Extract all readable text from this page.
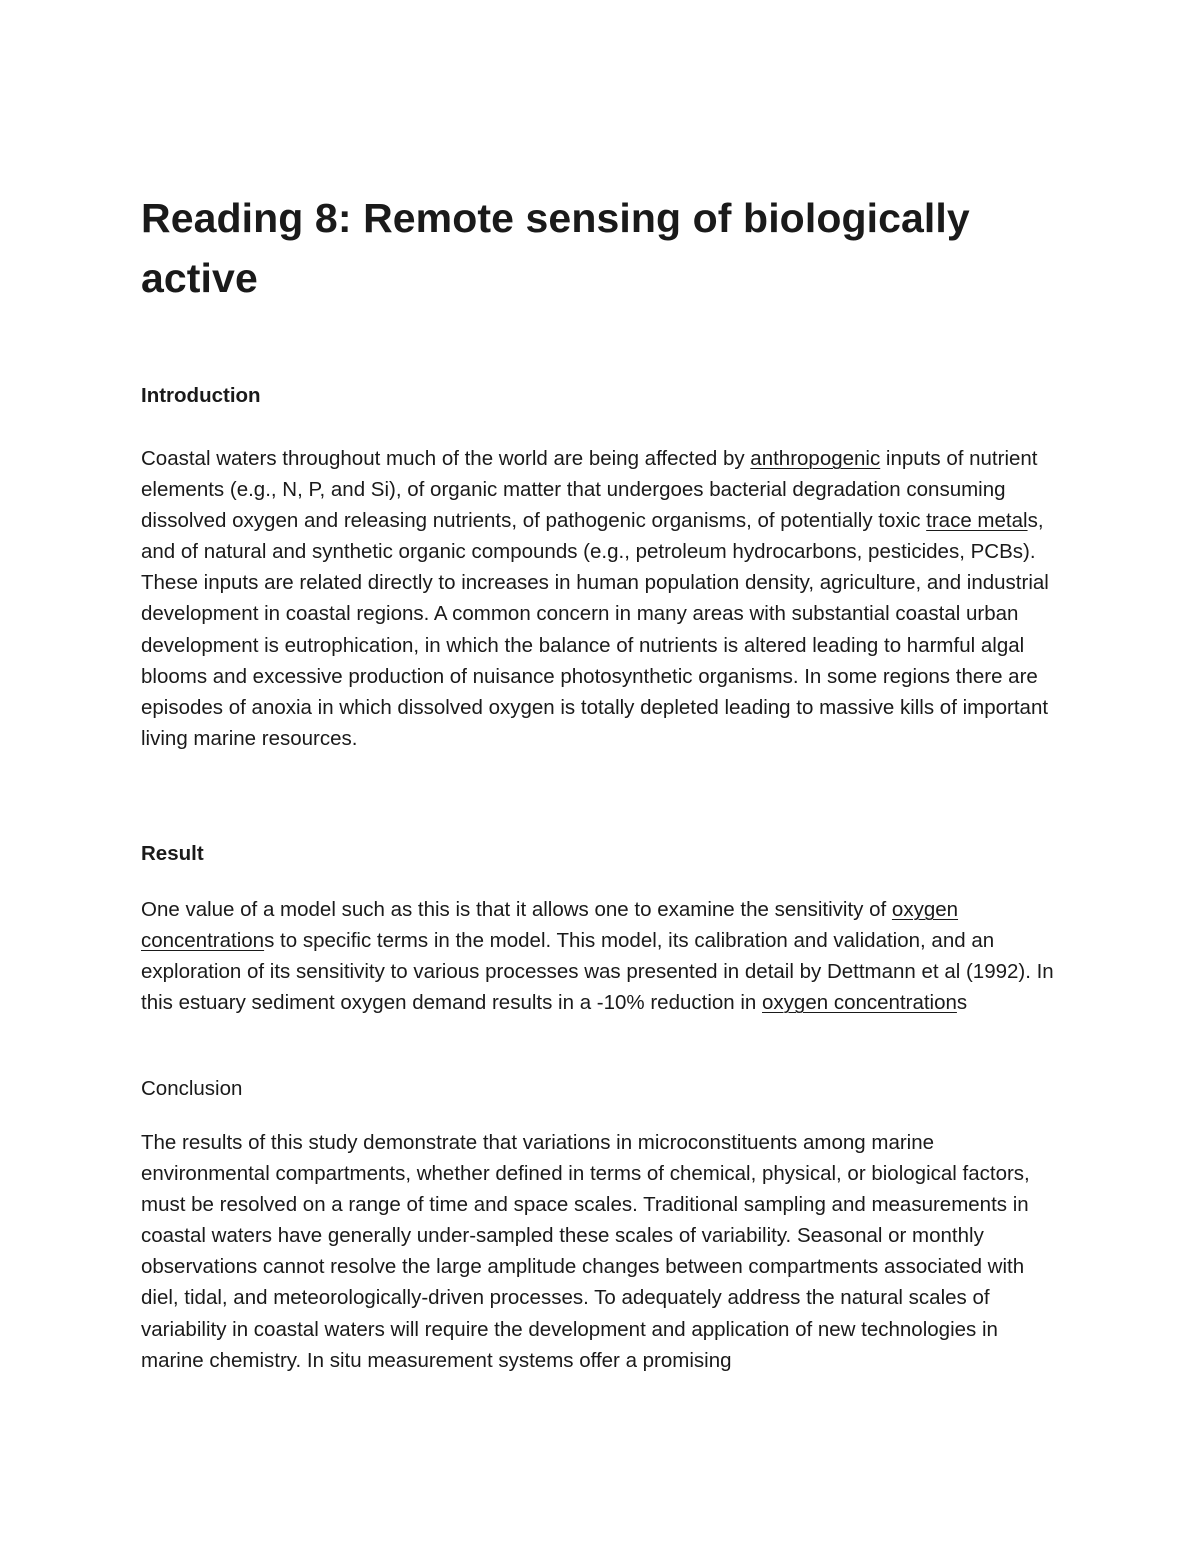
Reading 8: Remote sensing of biologically active
Introduction

Coastal waters throughout much of the world are being affected by anthropogenic inputs of nutrient elements (e.g., N, P, and Si), of organic matter that undergoes bacterial degradation consuming dissolved oxygen and releasing nutrients, of pathogenic organisms, of potentially toxic trace metals, and of natural and synthetic organic compounds (e.g., petroleum hydrocarbons, pesticides, PCBs). These inputs are related directly to increases in human population density, agriculture, and industrial development in coastal regions. A common concern in many areas with substantial coastal urban development is eutrophication, in which the balance of nutrients is altered leading to harmful algal blooms and excessive production of nuisance photosynthetic organisms. In some regions there are episodes of anoxia in which dissolved oxygen is totally depleted leading to massive kills of important living marine resources.

Result

One value of a model such as this is that it allows one to examine the sensitivity of oxygen concentrations to specific terms in the model. This model, its calibration and validation, and an exploration of its sensitivity to various processes was presented in detail by Dettmann et al (1992). In this estuary sediment oxygen demand results in a -10% reduction in oxygen concentrations

Conclusion

The results of this study demonstrate that variations in microconstituents among marine environmental compartments, whether defined in terms of chemical, physical, or biological factors, must be resolved on a range of time and space scales. Traditional sampling and measurements in coastal waters have generally under-sampled these scales of variability. Seasonal or monthly observations cannot resolve the large amplitude changes between compartments associated with diel, tidal, and meteorologically-driven processes. To adequately address the natural scales of variability in coastal waters will require the development and application of new technologies in marine chemistry. In situ measurement systems offer a promising
